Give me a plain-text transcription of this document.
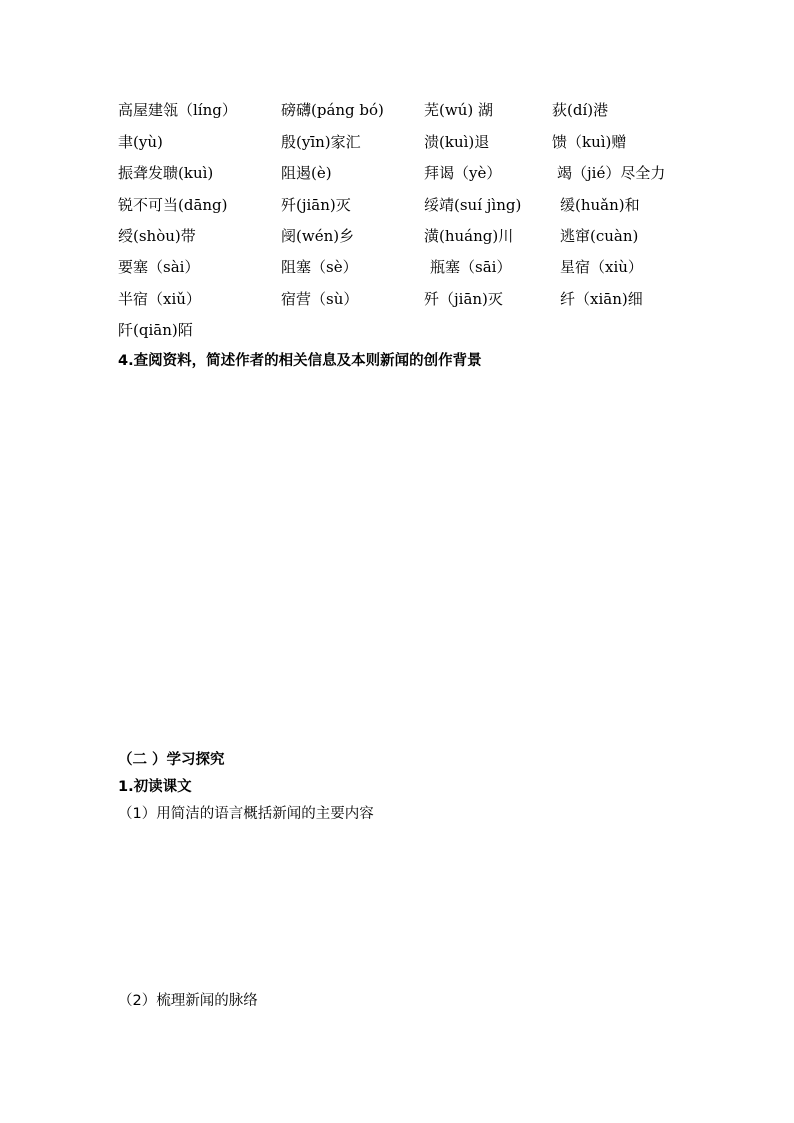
高屋建瓴（líng）	磅礴(páng bó)	芜(wú) 湖	荻(dí)港
聿(yù)	殷(yīn)家汇	溃(kuì)退	馈（kuì)赠
振聋发聩(kuì)	阻遏(è)	拜谒（yè）	竭（jié）尽全力
锐不可当(dāng)	歼(jiān)灭	绥靖(suí jìng)	缓(huǎn)和
绶(shòu)带	阌(wén)乡	潢(huáng)川	逃窜(cuàn)
要塞（sài）	阻塞（sè）	瓶塞（sāi）	星宿（xiù）
半宿（xiǔ）	宿营（sù）	歼（jiān)灭	纤（xiān)细
阡(qiān)陌
4.查阅资料，简述作者的相关信息及本则新闻的创作背景
（二 ）学习探究
1.初读课文
（1）用简洁的语言概括新闻的主要内容
（2）梳理新闻的脉络
